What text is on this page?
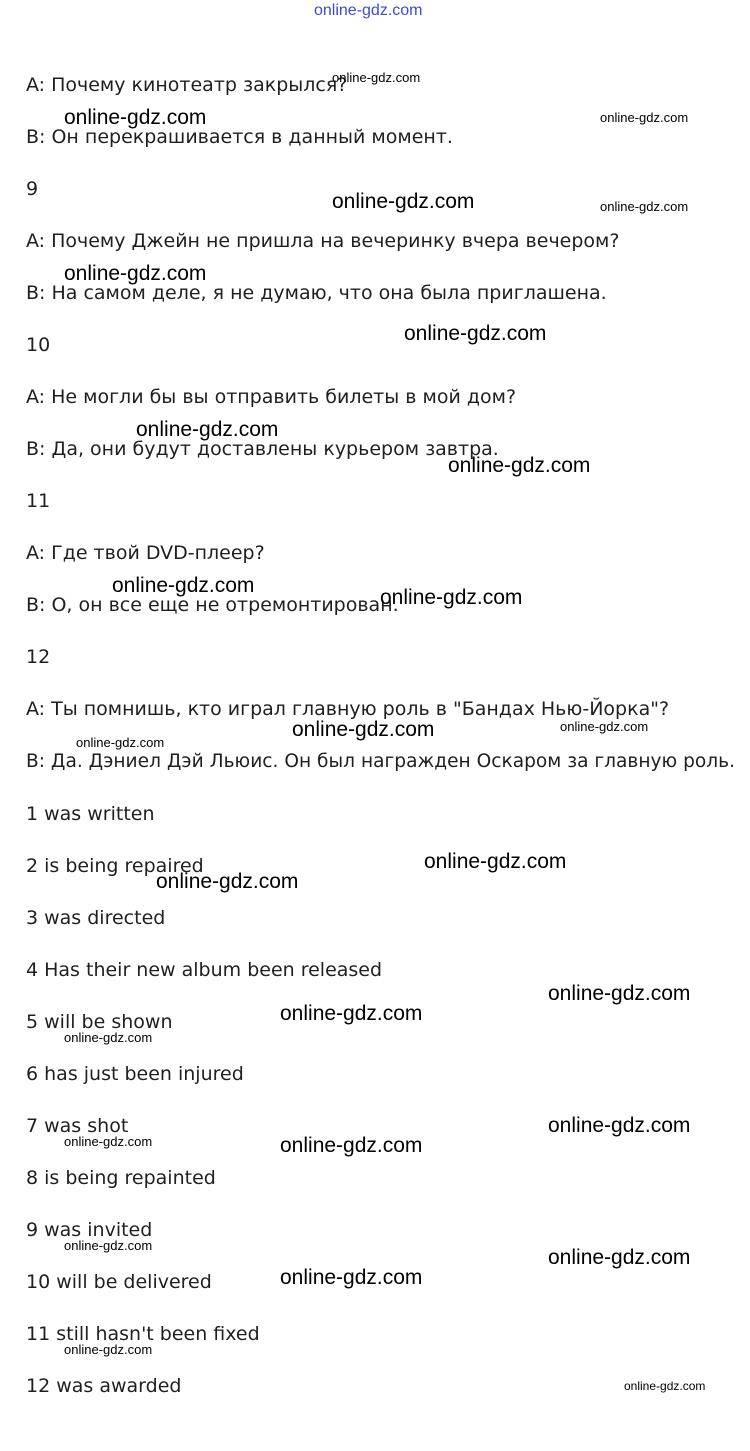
online-gdz.com
A: Почему кинотеатр закрылся?
B: Он перекрашивается в данный момент.
9
A: Почему Джейн не пришла на вечеринку вчера вечером?
B: На самом деле, я не думаю, что она была приглашена.
10
A: Не могли бы вы отправить билеты в мой дом?
B: Да, они будут доставлены курьером завтра.
11
A: Где твой DVD-плеер?
B: О, он все еще не отремонтирован.
12
A: Ты помнишь, кто играл главную роль в "Бандах Нью-Йорка"?
B: Да. Дэниел Дэй Льюис. Он был награжден Оскаром за главную роль.
1 was written
2 is being repaired
3 was directed
4 Has their new album been released
5 will be shown
6 has just been injured
7 was shot
8 is being repainted
9 was invited
10 will be delivered
11 still hasn't been fixed
12 was awarded
online-gdz.com
online-gdz.com
online-gdz.com
online-gdz.com
online-gdz.com
online-gdz.com
online-gdz.com
online-gdz.com
online-gdz.com
online-gdz.com
online-gdz.com
online-gdz.com
online-gdz.com
online-gdz.com
online-gdz.com
online-gdz.com
online-gdz.com
online-gdz.com
online-gdz.com
online-gdz.com
online-gdz.com
online-gdz.com
online-gdz.com
online-gdz.com
online-gdz.com
online-gdz.com
online-gdz.com
